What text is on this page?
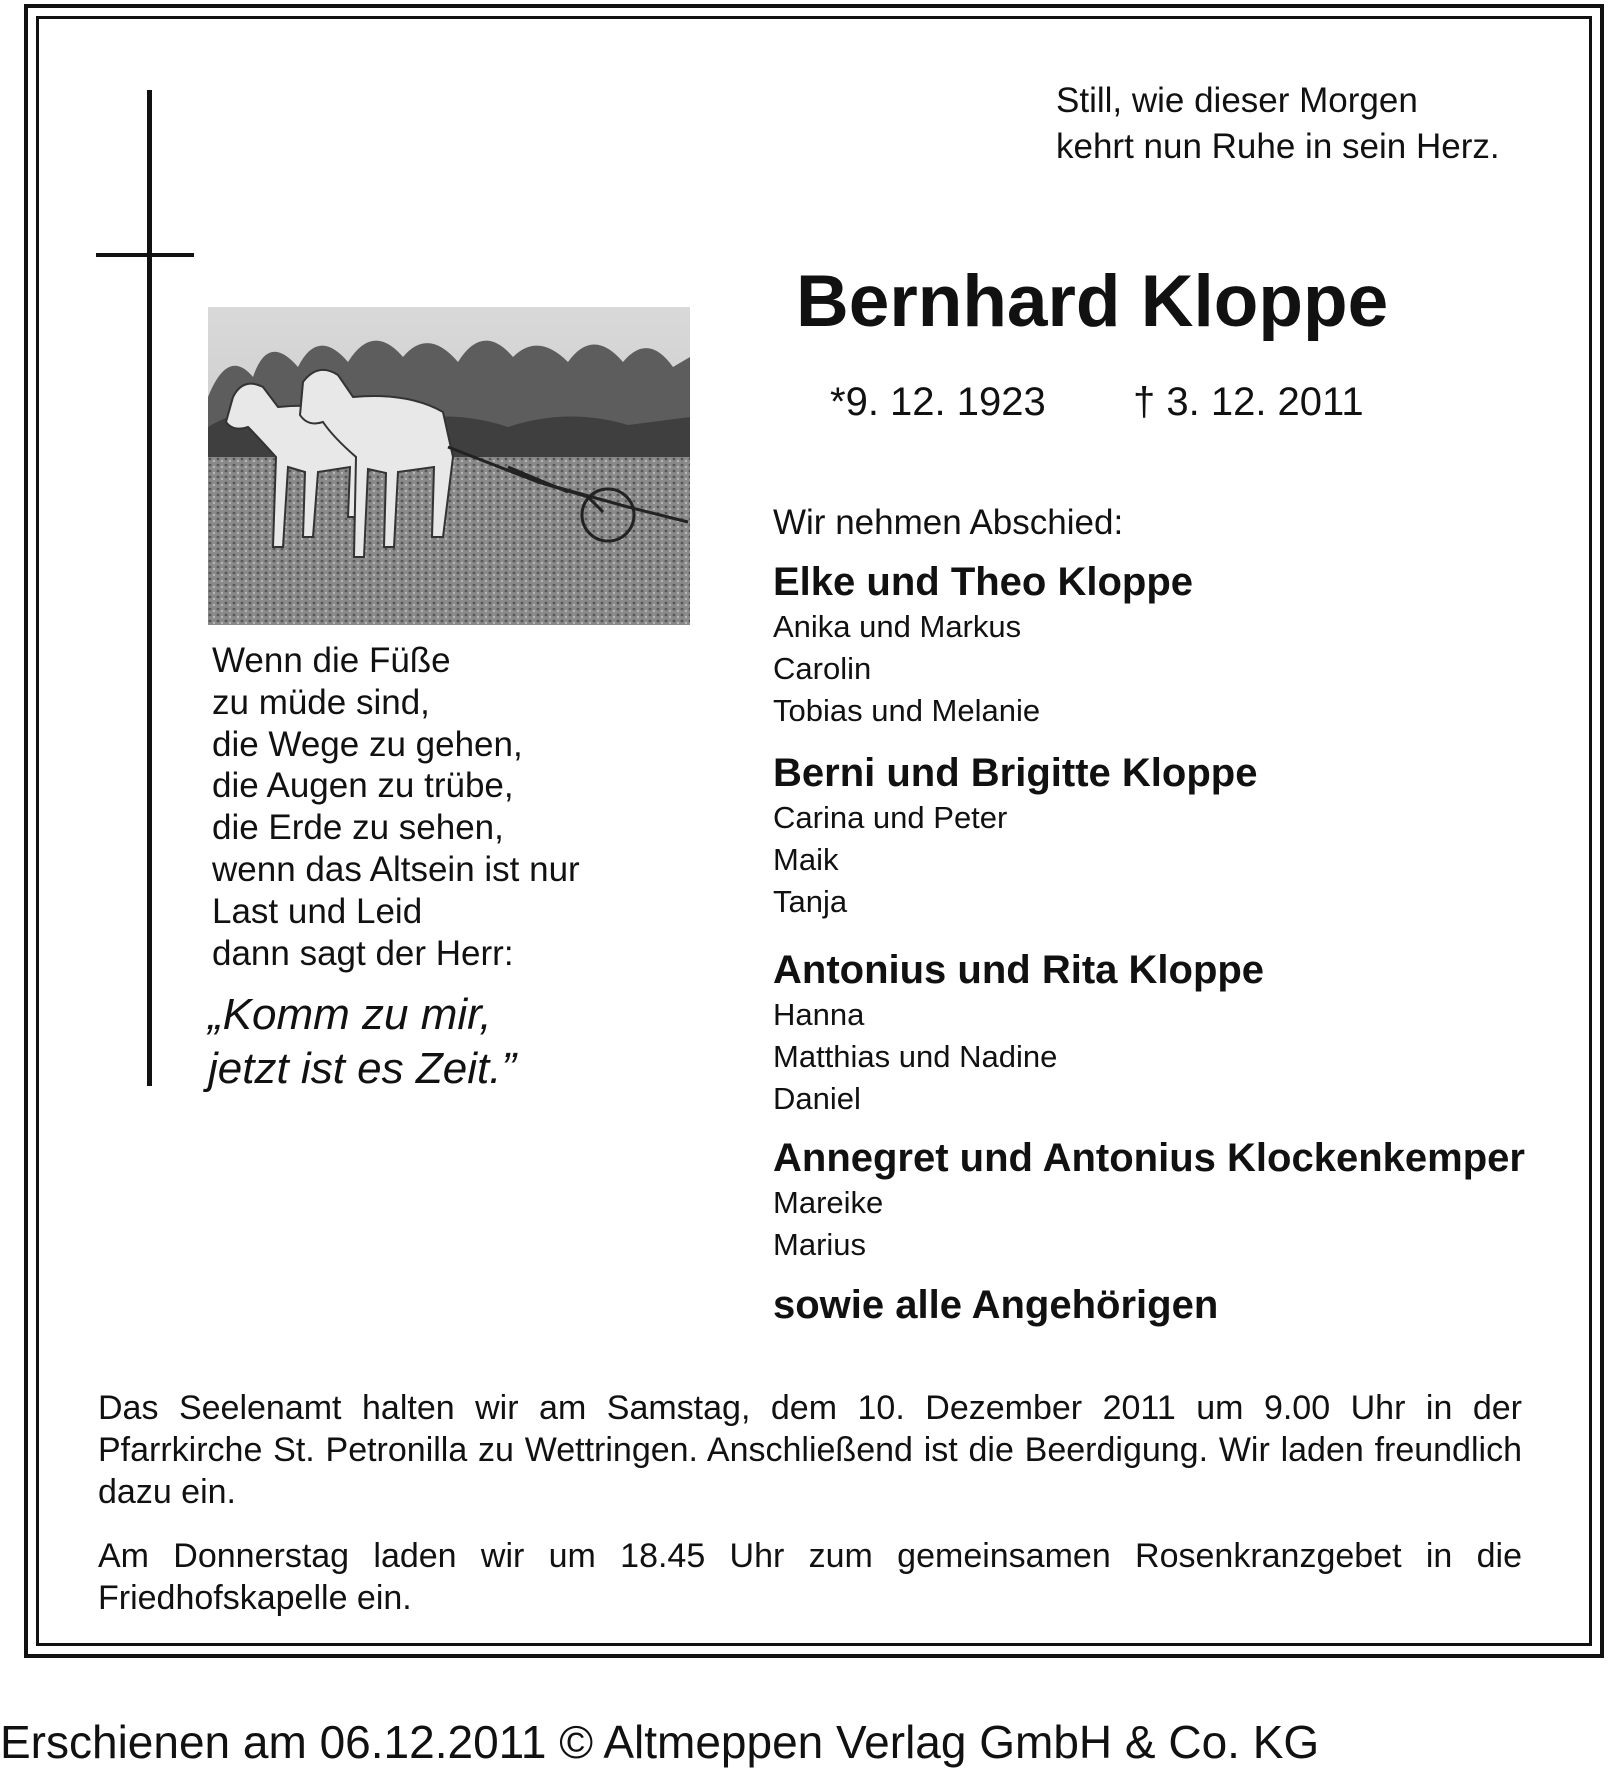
Still, wie dieser Morgen
kehrt nun Ruhe in sein Herz.
Bernhard Kloppe
*9. 12. 1923 † 3. 12. 2011
Wenn die Füße
zu müde sind,
die Wege zu gehen,
die Augen zu trübe,
die Erde zu sehen,
wenn das Altsein ist nur
Last und Leid
dann sagt der Herr:
„Komm zu mir,
jetzt ist es Zeit.”
Wir nehmen Abschied:
Elke und Theo Kloppe
Anika und Markus
Carolin
Tobias und Melanie
Berni und Brigitte Kloppe
Carina und Peter
Maik
Tanja
Antonius und Rita Kloppe
Hanna
Matthias und Nadine
Daniel
Annegret und Antonius Klockenkemper
Mareike
Marius
sowie alle Angehörigen
Das Seelenamt halten wir am Samstag, dem 10. Dezember 2011 um 9.00 Uhr in der Pfarrkirche St. Petronilla zu Wettringen. Anschließend ist die Beerdigung. Wir laden freundlich dazu ein.
Am Donnerstag laden wir um 18.45 Uhr zum gemeinsamen Rosenkranzgebet in die Friedhofskapelle ein.
Erschienen am 06.12.2011 © Altmeppen Verlag GmbH & Co. KG
